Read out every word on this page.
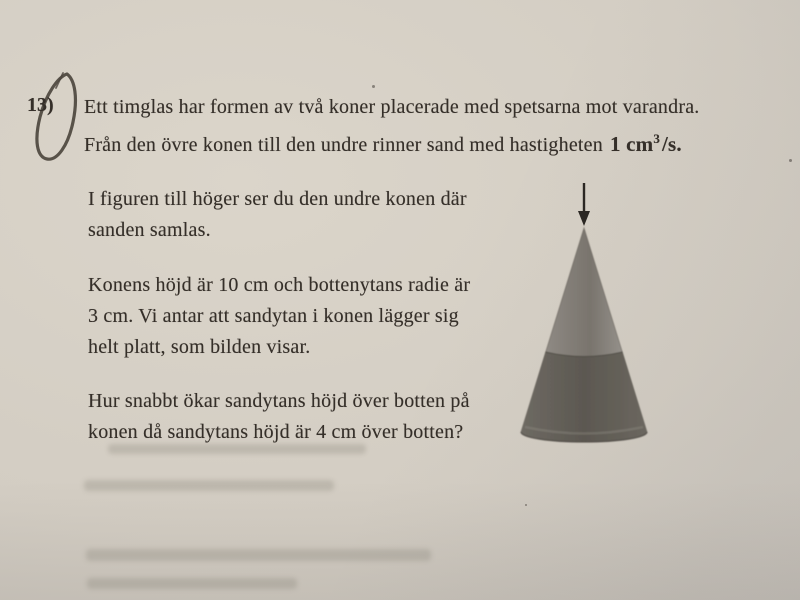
13) Ett timglas har formen av två koner placerade med spetsarna mot varandra.
Från den övre konen till den undre rinner sand med hastigheten 1 $cm^3/s$.
I figuren till höger ser du den undre konen där
sanden samlas.
Konens höjd är 10 cm och bottenytans radie är
3 cm. Vi antar att sandytan i konen lägger sig
helt platt, som bilden visar.
Hur snabbt ökar sandytans höjd över botten på
konen då sandytans höjd är 4 cm över botten?
